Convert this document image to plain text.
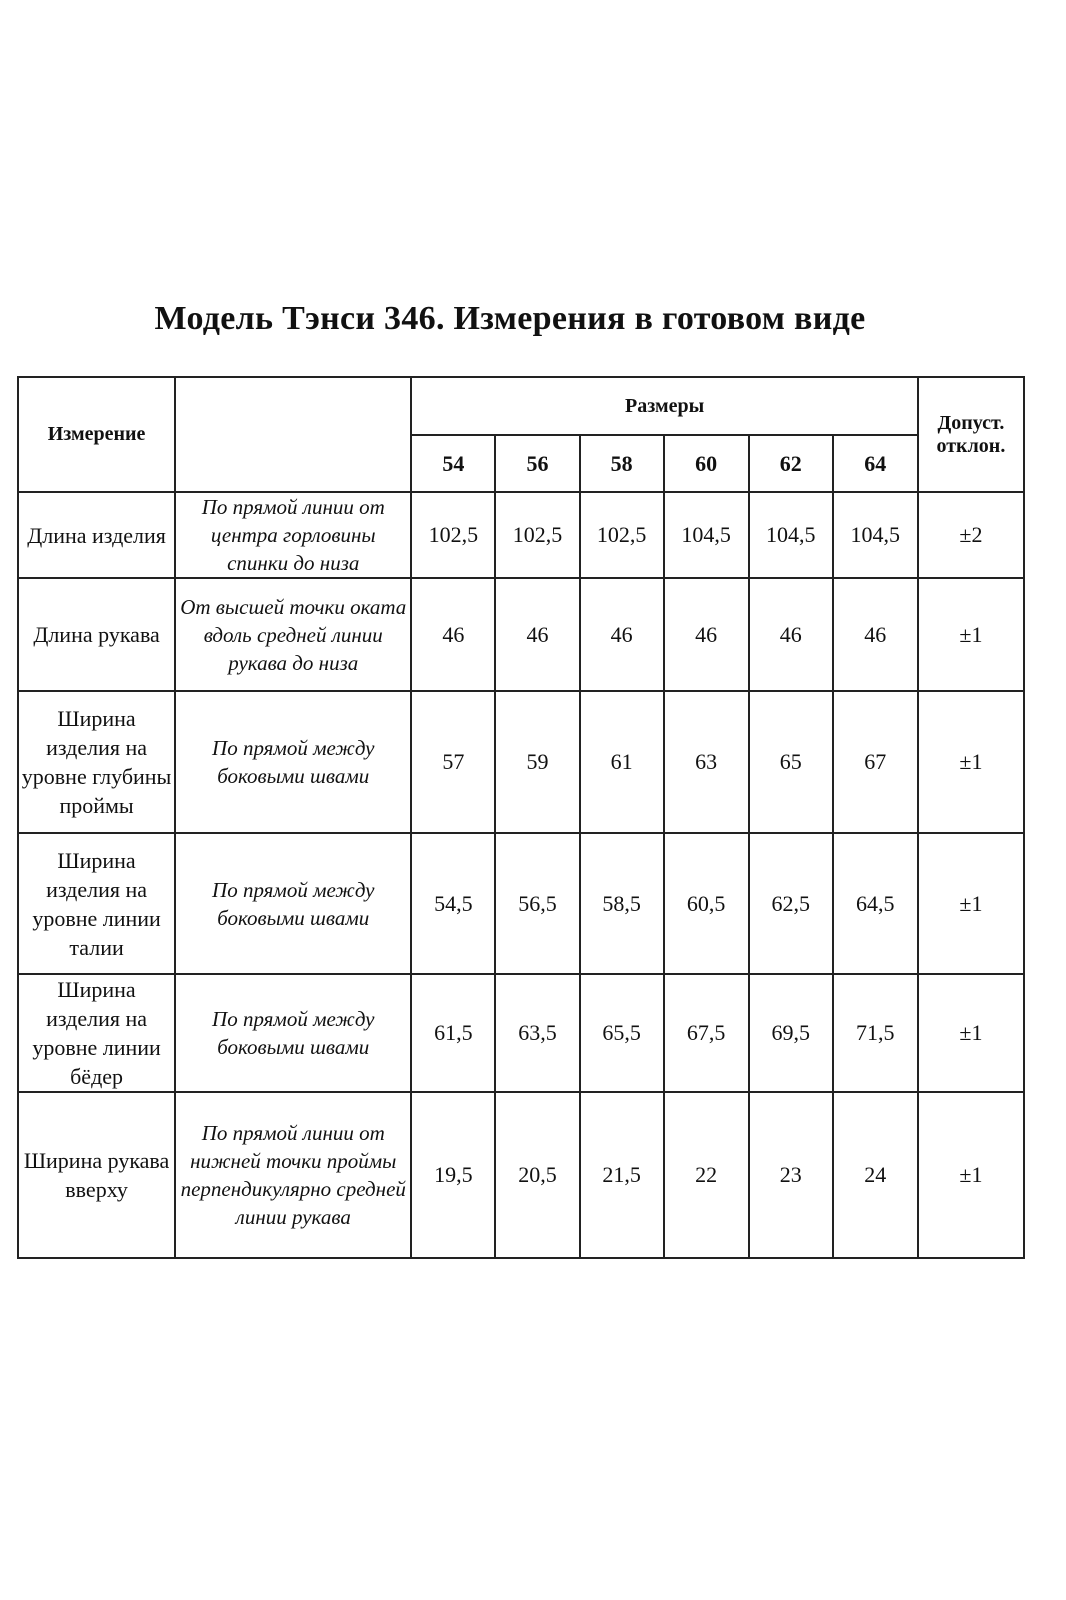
Модель Тэнси 346. Измерения в готовом виде
Измерение		Размеры						Допуст.
отклон.
		54	56	58	60	62	64	
Длина изделия	По прямой линии от центра горловины спинки до низа	102,5	102,5	102,5	104,5	104,5	104,5	±2
Длина рукава	От высшей точки оката вдоль средней линии рукава до низа	46	46	46	46	46	46	±1
Ширина изделия на уровне глубины проймы	По прямой между боковыми швами	57	59	61	63	65	67	±1
Ширина изделия на уровне линии талии	По прямой между боковыми швами	54,5	56,5	58,5	60,5	62,5	64,5	±1
Ширина изделия на уровне линии бёдер	По прямой между боковыми швами	61,5	63,5	65,5	67,5	69,5	71,5	±1
Ширина рукава вверху	По прямой линии от нижней точки проймы перпендикулярно средней линии рукава	19,5	20,5	21,5	22	23	24	±1
